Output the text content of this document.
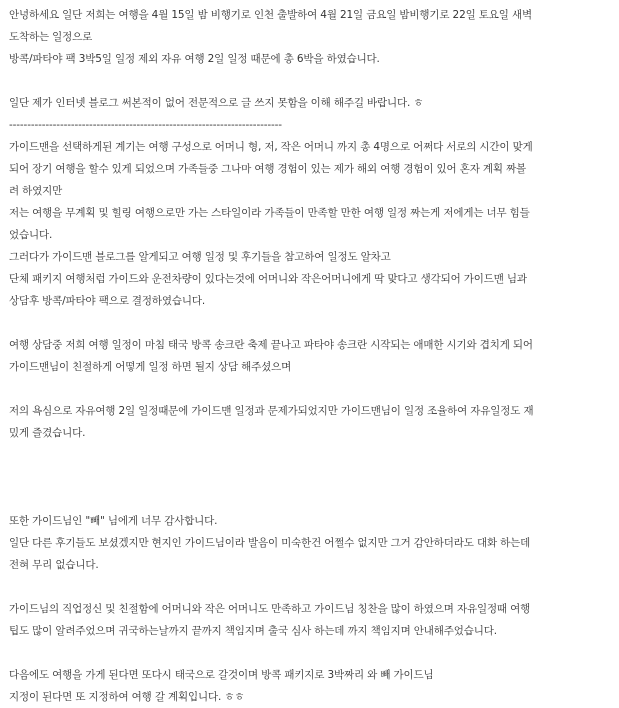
안녕하세요 일단 저희는 여행을 4월 15일 밤 비행기로 인천 출발하여 4월 21일 금요일 밤비행기로 22일 토요일 새벽
도착하는 일정으로
방콕/파타야 팩 3박5일 일정 제외 자유 여행 2일 일정 때문에 총 6박을 하였습니다.
일단 제가 인터넷 블로그 써본적이 없어 전문적으로 글 쓰지 못함을 이해 해주길 바랍니다. ㅎ
---------------------------------------------------------------------------
가이드맨을 선택하게된 계기는 여행 구성으로 어머니 형, 저, 작은 어머니 까지 총 4명으로 어쩌다 서로의 시간이 맞게
되어 장기 여행을 할수 있게 되었으며 가족들중 그나마 여행 경험이 있는 제가 해외 여행 경험이 있어 혼자 계획 짜볼
려 하였지만
저는 여행을 무계획 및 힐링 여행으로만 가는 스타일이라 가족들이 만족할 만한 여행 일정 짜는게 저에게는 너무 힘들
었습니다.
그러다가 가이드맨 블로그를 알게되고 여행 일정 및 후기들을 참고하여 일정도 알차고
단체 패키지 여행처럼 가이드와 운전차량이 있다는것에 어머니와 작은어머니에게 딱 맞다고 생각되어 가이드맨 님과
상담후 방콕/파타야 팩으로 결정하였습니다.
여행 상담중 저희 여행 일정이 마침 태국 방콕 송크란 축제 끝나고 파타야 송크란 시작되는 애매한 시기와 겹치게 되어
가이드맨님이 친절하게 어떻게 일정 하면 될지 상담 해주셨으며
저의 욕심으로 자유여행 2일 일정때문에 가이드맨 일정과 문제가되었지만 가이드맨님이 일정 조율하여 자유일정도 재
밌게 즐겼습니다.
또한 가이드님인 "빼" 님에게 너무 감사합니다.
일단 다른 후기들도 보셨겠지만 현지인 가이드님이라 발음이 미숙한건 어쩔수 없지만 그거 감안하더라도 대화 하는데
전혀 무리 없습니다.
가이드님의 직업정신 및 친절함에 어머니와 작은 어머니도 만족하고 가이드님 칭찬을 많이 하였으며 자유일정때 여행
팁도 많이 알려주었으며 귀국하는날까지 끝까지 책임지며 출국 심사 하는데 까지 책임지며 안내해주었습니다.
다음에도 여행을 가게 된다면 또다시 태국으로 갈것이며 방콕 패키지로 3박짜리 와 빼 가이드님
지정이 된다면 또 지정하여 여행 갈 계획입니다. ㅎㅎ
